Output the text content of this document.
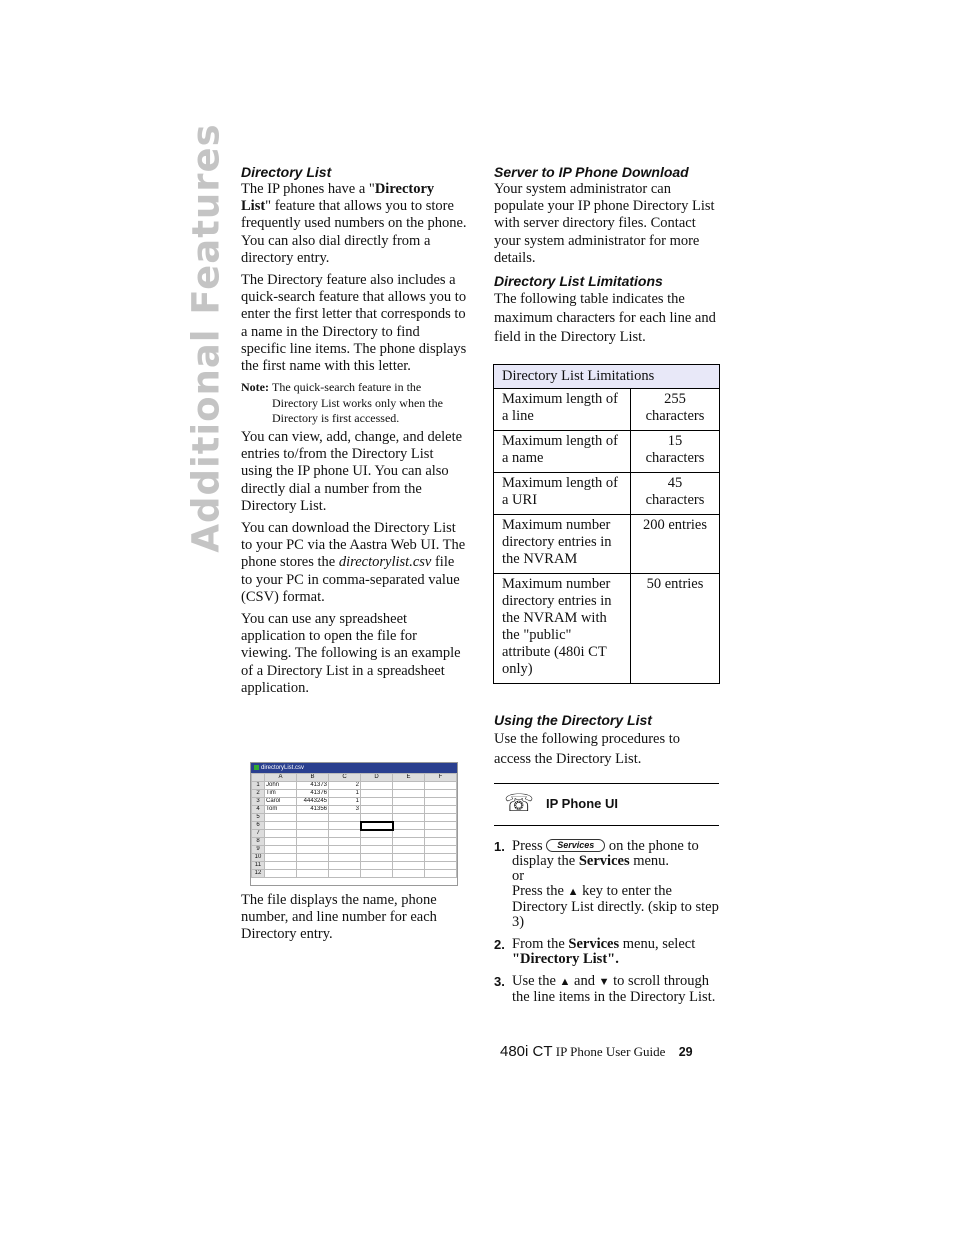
Additional Features Directory List

The IP phones have a "Directory List" feature that allows you to store frequently used numbers on the phone. You can also dial directly from a directory entry.

The Directory feature also includes a quick-search feature that allows you to enter the first letter that corresponds to a name in the Directory to find specific line items. The phone displays the first name with this letter.

Note: The quick-search feature in the Directory List works only when the Directory is first accessed.

You can view, add, change, and delete entries to/from the Directory List using the IP phone UI. You can also directly dial a number from the Directory List.

You can download the Directory List to your PC via the Aastra Web UI. The phone stores the directorylist.csv file to your PC in comma-separated value (CSV) format.

You can use any spreadsheet application to open the file for viewing. The following is an example of a Directory List in a spreadsheet application.

directoryList.csv
	A	B	C	D	E	F
1	John	41373	2			
2	Tim	41376	1			
3	Carol	4443245	1			
4	Tom	41356	3			
5						
6						
7						
8						
9						
10						
11						
12						

The file displays the name, phone number, and line number for each Directory entry.

Server to IP Phone Download

Your system administrator can populate your IP phone Directory List with server directory files. Contact your system administrator for more details.

Directory List Limitations

The following table indicates the maximum characters for each line and field in the Directory List.

Directory List Limitations	
Maximum length of a line	255 characters
Maximum length of a name	15 characters
Maximum length of a URI	45 characters
Maximum number directory entries in the NVRAM	200 entries
Maximum number directory entries in the NVRAM with the "public" attribute (480i CT only)	50 entries
Using the Directory List

Use the following procedures to access the Directory List.

☏ IP Phone UI
1. Press Services on the phone to display the Services menu.
or
Press the ▲ key to enter the Directory List directly. (skip to step 3)
2. From the Services menu, select "Directory List".
3. Use the ▲ and ▼ to scroll through the line items in the Directory List.
480i CT IP Phone User Guide 29
